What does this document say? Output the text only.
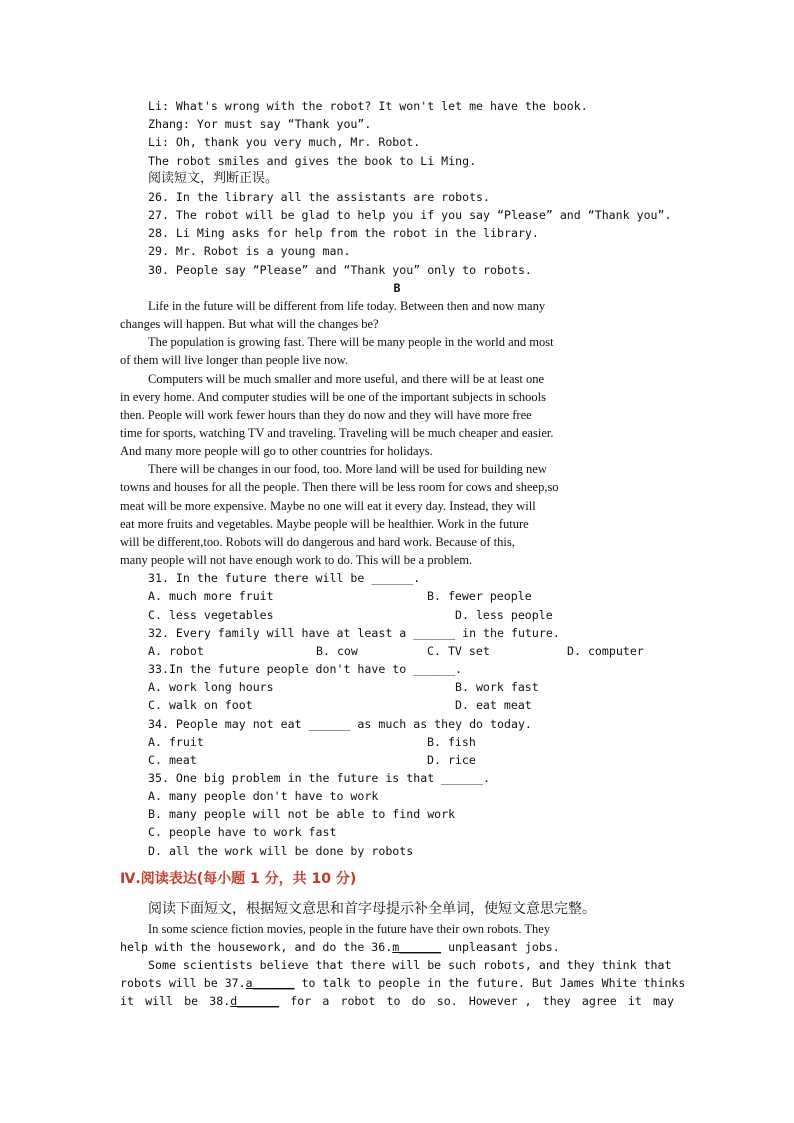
Li: What's wrong with the robot? It won't let me have the book.
Zhang: Yor must say “Thank you”.
Li: Oh, thank you very much, Mr. Robot.
The robot smiles and gives the book to Li Ming.
阅读短文，判断正误。
26. In the library all the assistants are robots.
27. The robot will be glad to help you if you say “Please” and “Thank you”.
28. Li Ming asks for help from the robot in the library.
29. Mr. Robot is a young man.
30. People say “Please” and “Thank you” only to robots.
B
Life in the future will be different from life today. Between then and now many
changes will happen. But what will the changes be?
The population is growing fast. There will be many people in the world and most
of them will live longer than people live now.
Computers will be much smaller and more useful, and there will be at least one
in every home. And computer studies will be one of the important subjects in schools
then. People will work fewer hours than they do now and they will have more free
time for sports, watching TV and traveling. Traveling will be much cheaper and easier.
And many more people will go to other countries for holidays.
There will be changes in our food, too. More land will be used for building new
towns and houses for all the people. Then there will be less room for cows and sheep,so
meat will be more expensive. Maybe no one will eat it every day. Instead, they will
eat more fruits and vegetables. Maybe people will be healthier. Work in the future
will be different,too. Robots will do dangerous and hard work. Because of this,
many people will not have enough work to do. This will be a problem.
31. In the future there will be ______.
A. much more fruit	B. fewer people
C. less vegetables	D. less people
32. Every family will have at least a ______ in the future.
A. robot	B. cow	C. TV set	D. computer
33.In the future people don't have to ______.
A. work long hours	B. work fast
C. walk on foot	D. eat meat
34. People may not eat ______ as much as they do today.
A. fruit	B. fish
C. meat	D. rice
35. One big problem in the future is that ______.
A. many people don't have to work
B. many people will not be able to find work
C. people have to work fast
D. all the work will be done by robots
Ⅳ.阅读表达(每小题 1 分，共 10 分)
阅读下面短文，根据短文意思和首字母提示补全单词，使短文意思完整。
In some science fiction movies, people in the future have their own robots. They
help with the housework, and do the 36.m______ unpleasant jobs.
Some scientists believe that there will be such robots, and they think that
robots will be 37.a______ to talk to people in the future. But James White thinks
it will be 38.d______ for a robot to do so. However , they agree it may
